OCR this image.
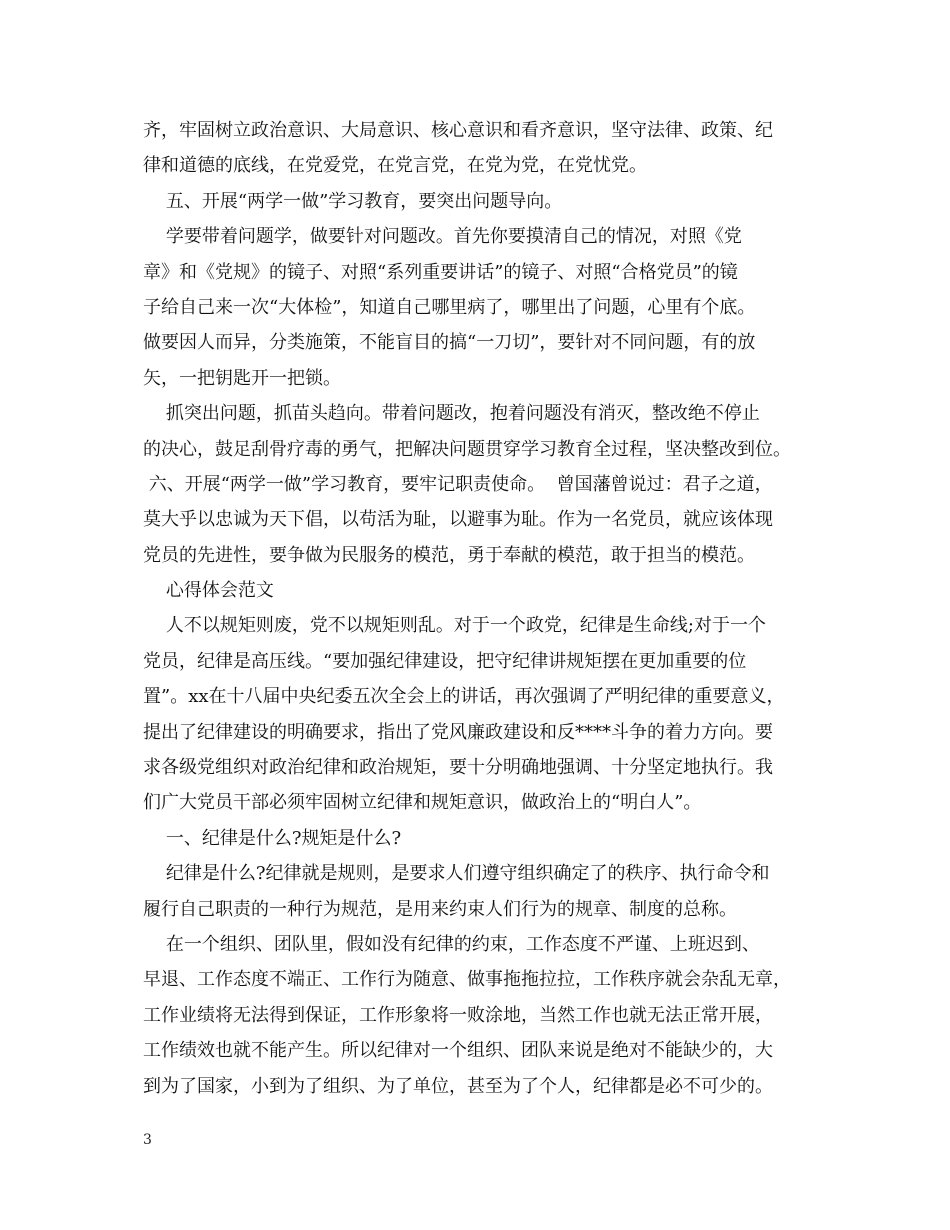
齐，牢固树立政治意识、大局意识、核心意识和看齐意识，坚守法律、政策、纪
律和道德的底线，在党爱党，在党言党，在党为党，在党忧党。
五、开展“两学一做”学习教育，要突出问题导向。
学要带着问题学，做要针对问题改。首先你要摸清自己的情况，对照《党
章》和《党规》的镜子、对照“系列重要讲话”的镜子、对照“合格党员”的镜
子给自己来一次“大体检”，知道自己哪里病了，哪里出了问题，心里有个底。
做要因人而异，分类施策，不能盲目的搞“一刀切”，要针对不同问题，有的放
矢，一把钥匙开一把锁。
抓突出问题，抓苗头趋向。带着问题改，抱着问题没有消灭，整改绝不停止
的决心，鼓足刮骨疗毒的勇气，把解决问题贯穿学习教育全过程，坚决整改到位。
六、开展“两学一做”学习教育，要牢记职责使命。  曾国藩曾说过：君子之道，
莫大乎以忠诚为天下倡，以苟活为耻，以避事为耻。作为一名党员，就应该体现
党员的先进性，要争做为民服务的模范，勇于奉献的模范，敢于担当的模范。
心得体会范文
人不以规矩则废，党不以规矩则乱。对于一个政党，纪律是生命线;对于一个
党员，纪律是高压线。“要加强纪律建设，把守纪律讲规矩摆在更加重要的位
置”。xx在十八届中央纪委五次全会上的讲话，再次强调了严明纪律的重要意义，
提出了纪律建设的明确要求，指出了党风廉政建设和反****斗争的着力方向。要
求各级党组织对政治纪律和政治规矩，要十分明确地强调、十分坚定地执行。我
们广大党员干部必须牢固树立纪律和规矩意识，做政治上的“明白人”。
一、纪律是什么?规矩是什么?
纪律是什么?纪律就是规则，是要求人们遵守组织确定了的秩序、执行命令和
履行自己职责的一种行为规范，是用来约束人们行为的规章、制度的总称。
在一个组织、团队里，假如没有纪律的约束，工作态度不严谨、上班迟到、
早退、工作态度不端正、工作行为随意、做事拖拖拉拉，工作秩序就会杂乱无章，
工作业绩将无法得到保证，工作形象将一败涂地，当然工作也就无法正常开展，
工作绩效也就不能产生。所以纪律对一个组织、团队来说是绝对不能缺少的，大
到为了国家，小到为了组织、为了单位，甚至为了个人，纪律都是必不可少的。
3
